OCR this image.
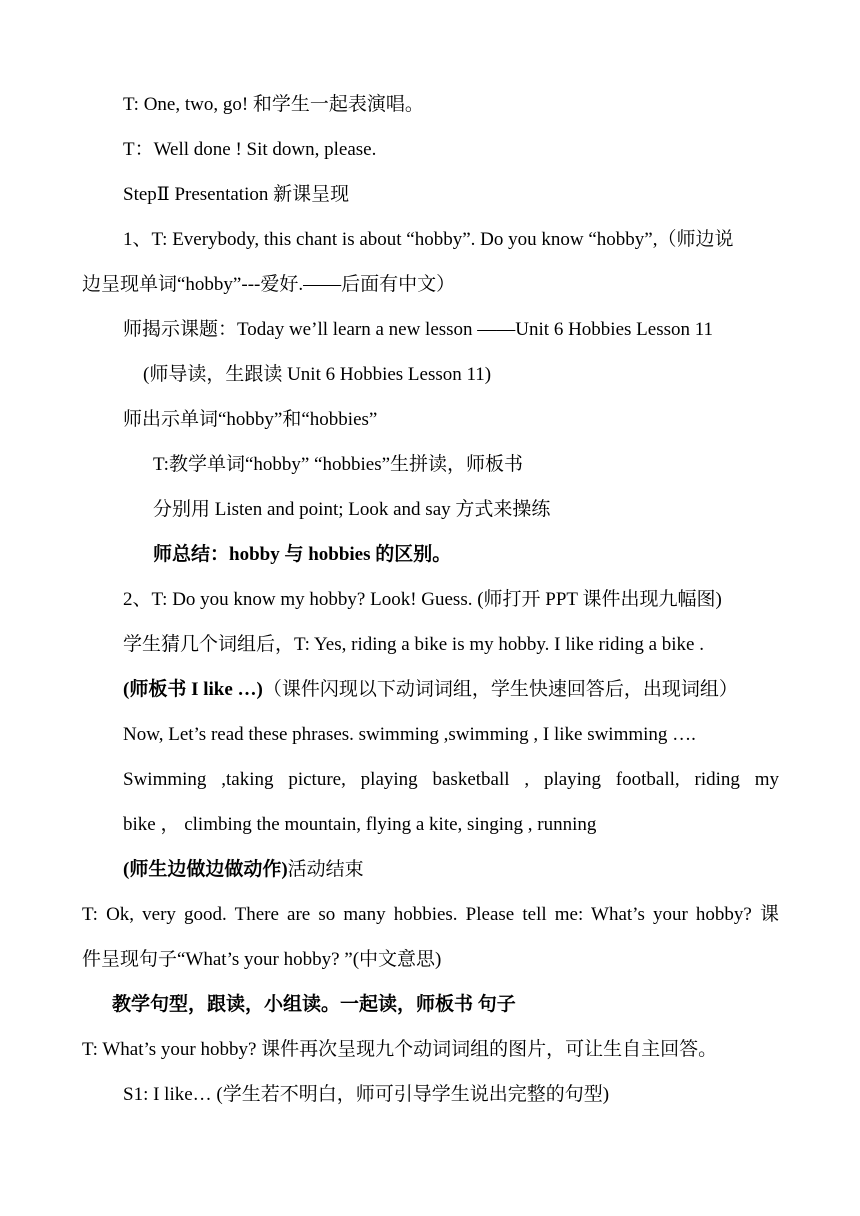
T: One, two, go! 和学生一起表演唱。
T：Well done ! Sit down, please.
StepⅡ Presentation 新课呈现
1、T: Everybody, this chant is about “hobby”. Do you know “hobby”,（师边说
边呈现单词“hobby”---爱好.——后面有中文）
师揭示课题：Today we’ll learn a new lesson ——Unit 6 Hobbies Lesson 11
(师导读，生跟读 Unit 6 Hobbies Lesson 11)
师出示单词“hobby”和“hobbies”
T:教学单词“hobby” “hobbies”生拼读，师板书
分别用 Listen and point; Look and say 方式来操练
师总结：hobby 与 hobbies 的区别。
2、T: Do you know my hobby? Look! Guess. (师打开 PPT 课件出现九幅图)
学生猜几个词组后，T: Yes, riding a bike is my hobby. I like riding a bike .
(师板书 I like …)（课件闪现以下动词词组，学生快速回答后，出现词组）
Now, Let’s read these phrases. swimming ,swimming , I like swimming ….
Swimming ,taking picture, playing basketball , playing football, riding my
bike ， climbing the mountain, flying a kite, singing , running
(师生边做边做动作)活动结束
T: Ok, very good. There are so many hobbies. Please tell me: What’s your hobby? 课
件呈现句子“What’s your hobby? ”(中文意思)
教学句型，跟读，小组读。一起读，师板书 句子
T: What’s your hobby? 课件再次呈现九个动词词组的图片，可让生自主回答。
S1: I like… (学生若不明白，师可引导学生说出完整的句型)
